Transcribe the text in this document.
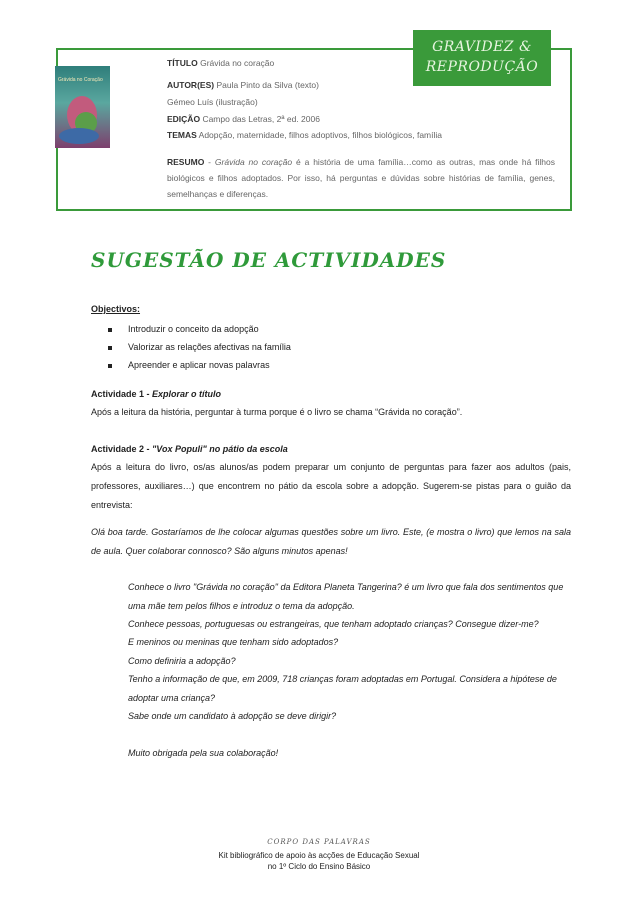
GRAVIDEZ &
REPRODUÇÃO
Grávida no Coração
TÍTULO Grávida no coração
AUTOR(ES) Paula Pinto da Silva (texto)
Gémeo Luís (ilustração)
EDIÇÃO Campo das Letras, 2ª ed. 2006
TEMAS Adopção, maternidade, filhos adoptivos, filhos biológicos, família
RESUMO - Grávida no coração é a história de uma família…como as outras, mas onde há filhos biológicos e filhos adoptados. Por isso, há perguntas e dúvidas sobre histórias de família, genes, semelhanças e diferenças.
SUGESTÃO DE ACTIVIDADES
Objectivos:
Introduzir o conceito da adopção
Valorizar as relações afectivas na família
Apreender e aplicar novas palavras
Actividade 1 - Explorar o título
Após a leitura da história, perguntar à turma porque é o livro se chama “Grávida no coração”.
Actividade 2 - "Vox Populi" no pátio da escola
Após a leitura do livro, os/as alunos/as podem preparar um conjunto de perguntas para fazer aos adultos (pais, professores, auxiliares…) que encontrem no pátio da escola sobre a adopção. Sugerem-se pistas para o guião da entrevista:
Olá boa tarde. Gostaríamos de lhe colocar algumas questões sobre um livro. Este, (e mostra o livro) que lemos na sala de aula. Quer colaborar connosco? São alguns minutos apenas!
Conhece o livro "Grávida no coração" da Editora Planeta Tangerina? é um livro que fala dos sentimentos que uma mãe tem pelos filhos e introduz o tema da adopção.
Conhece pessoas, portuguesas ou estrangeiras, que tenham adoptado crianças? Consegue dizer-me?
E meninos ou meninas que tenham sido adoptados?
Como definiria a adopção?
Tenho a informação de que, em 2009, 718 crianças foram adoptadas em Portugal. Considera a hipótese de adoptar uma criança?
Sabe onde um candidato à adopção se deve dirigir?
Muito obrigada pela sua colaboração!
CORPO DAS PALAVRAS
Kit bibliográfico de apoio às acções de Educação Sexual
no 1º Ciclo do Ensino Básico
